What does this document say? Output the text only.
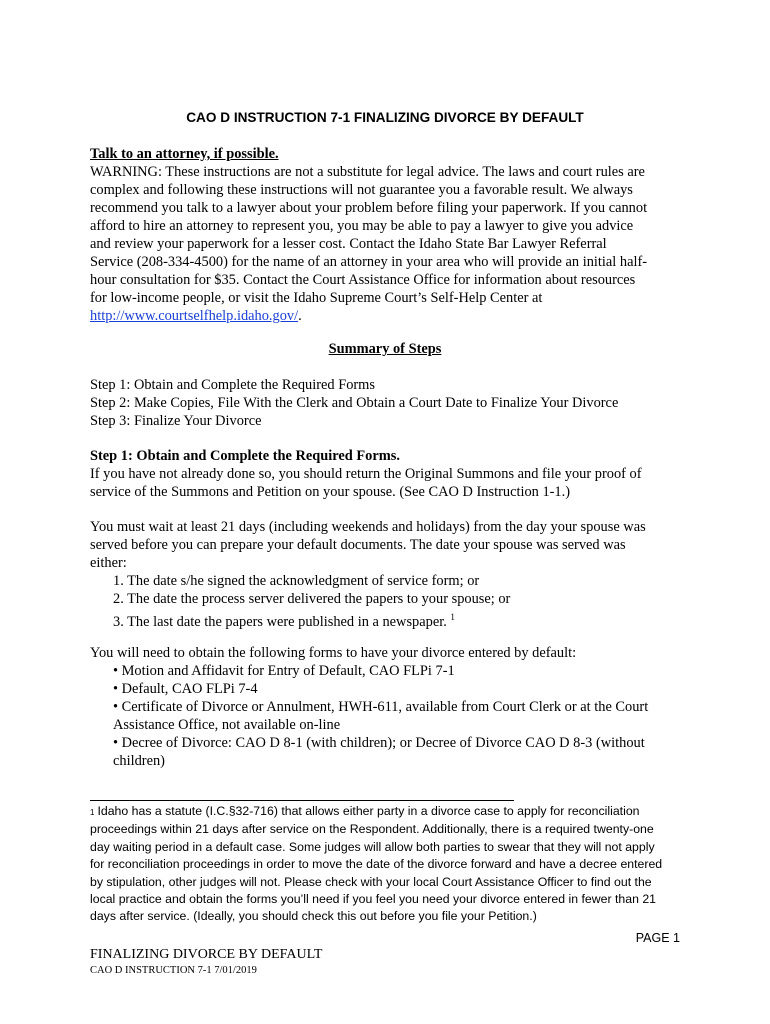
CAO D INSTRUCTION 7-1 FINALIZING DIVORCE BY DEFAULT
Talk to an attorney, if possible.
WARNING: These instructions are not a substitute for legal advice. The laws and court rules are
complex and following these instructions will not guarantee you a favorable result. We always
recommend you talk to a lawyer about your problem before filing your paperwork. If you cannot
afford to hire an attorney to represent you, you may be able to pay a lawyer to give you advice
and review your paperwork for a lesser cost. Contact the Idaho State Bar Lawyer Referral
Service (208-334-4500) for the name of an attorney in your area who will provide an initial half-
hour consultation for $35. Contact the Court Assistance Office for information about resources
for low-income people, or visit the Idaho Supreme Court’s Self-Help Center at
http://www.courtselfhelp.idaho.gov/.
Summary of Steps
Step 1: Obtain and Complete the Required Forms
Step 2: Make Copies, File With the Clerk and Obtain a Court Date to Finalize Your Divorce
Step 3: Finalize Your Divorce
Step 1: Obtain and Complete the Required Forms.
If you have not already done so, you should return the Original Summons and file your proof of
service of the Summons and Petition on your spouse. (See CAO D Instruction 1-1.)
You must wait at least 21 days (including weekends and holidays) from the day your spouse was
served before you can prepare your default documents. The date your spouse was served was
either:
1. The date s/he signed the acknowledgment of service form; or
2. The date the process server delivered the papers to your spouse; or
3. The last date the papers were published in a newspaper. $^1$
You will need to obtain the following forms to have your divorce entered by default:
• Motion and Affidavit for Entry of Default, CAO FLPi 7-1
• Default, CAO FLPi 7-4
• Certificate of Divorce or Annulment, HWH-611, available from Court Clerk or at the Court
Assistance Office, not available on-line
• Decree of Divorce: CAO D 8-1 (with children); or Decree of Divorce CAO D 8-3 (without
children)
1 Idaho has a statute (I.C.§32-716) that allows either party in a divorce case to apply for reconciliation
proceedings within 21 days after service on the Respondent. Additionally, there is a required twenty-one
day waiting period in a default case. Some judges will allow both parties to swear that they will not apply
for reconciliation proceedings in order to move the date of the divorce forward and have a decree entered
by stipulation, other judges will not. Please check with your local Court Assistance Officer to find out the
local practice and obtain the forms you’ll need if you feel you need your divorce entered in fewer than 21
days after service. (Ideally, you should check this out before you file your Petition.)
PAGE 1
FINALIZING DIVORCE BY DEFAULT
CAO D INSTRUCTION 7-1 7/01/2019
